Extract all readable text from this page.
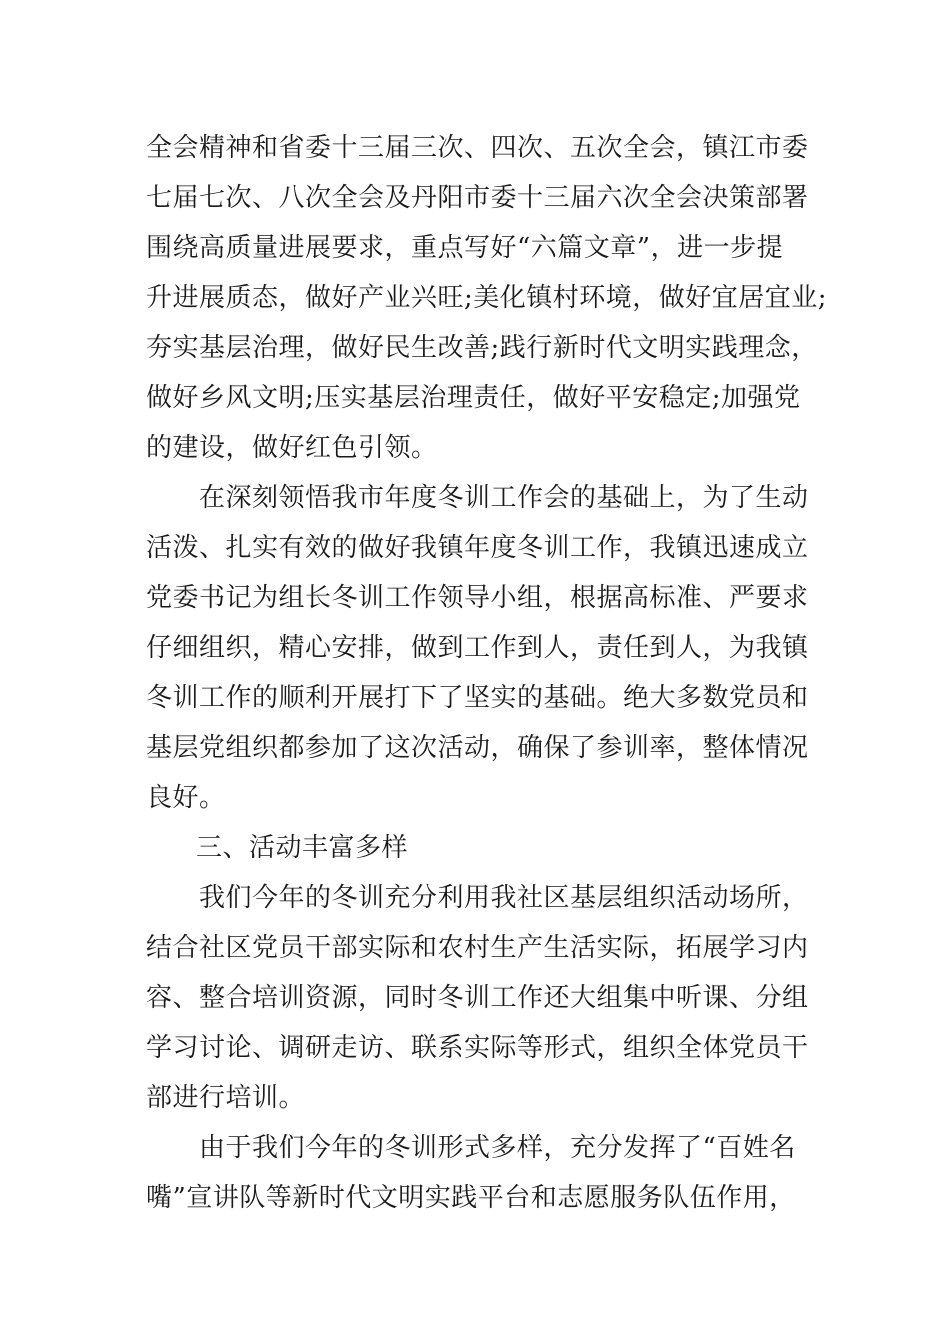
全会精神和省委十三届三次、四次、五次全会，镇江市委
七届七次、八次全会及丹阳市委十三届六次全会决策部署
围绕高质量进展要求，重点写好“六篇文章”，进一步提
升进展质态，做好产业兴旺;美化镇村环境，做好宜居宜业;
夯实基层治理，做好民生改善;践行新时代文明实践理念，
做好乡风文明;压实基层治理责任，做好平安稳定;加强党
的建设，做好红色引领。
在深刻领悟我市年度冬训工作会的基础上，为了生动
活泼、扎实有效的做好我镇年度冬训工作，我镇迅速成立
党委书记为组长冬训工作领导小组，根据高标准、严要求
仔细组织，精心安排，做到工作到人，责任到人，为我镇
冬训工作的顺利开展打下了坚实的基础。绝大多数党员和
基层党组织都参加了这次活动，确保了参训率，整体情况
良好。
三、活动丰富多样
我们今年的冬训充分利用我社区基层组织活动场所，
结合社区党员干部实际和农村生产生活实际，拓展学习内
容、整合培训资源，同时冬训工作还大组集中听课、分组
学习讨论、调研走访、联系实际等形式，组织全体党员干
部进行培训。
由于我们今年的冬训形式多样，充分发挥了“百姓名
嘴”宣讲队等新时代文明实践平台和志愿服务队伍作用，
